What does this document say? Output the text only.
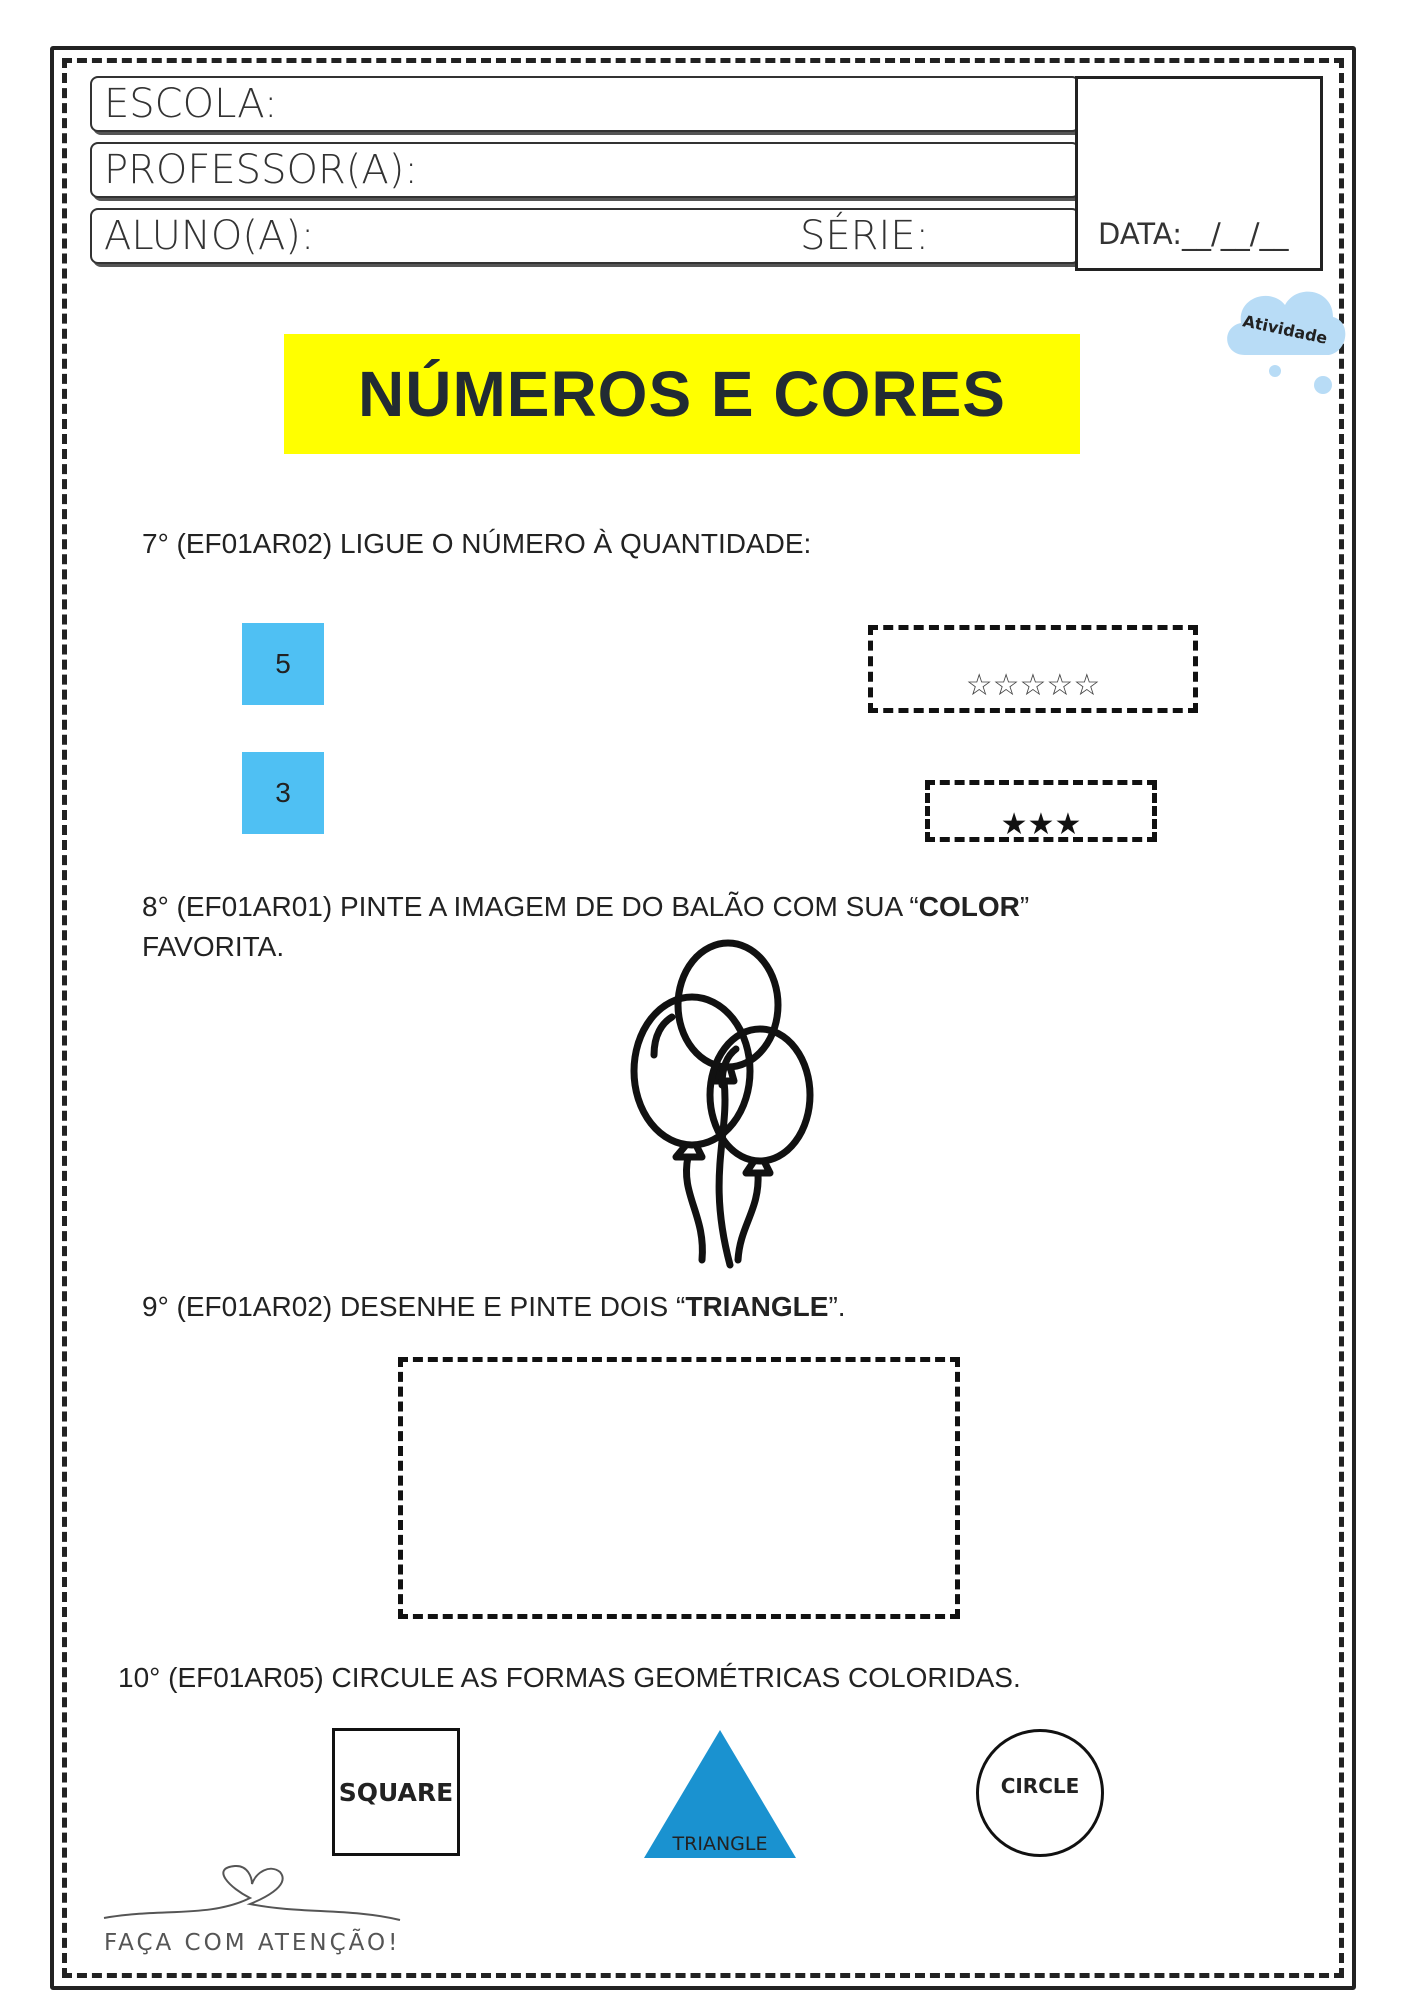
ESCOLA:
PROFESSOR(A):
ALUNO(A):	SÉRIE:	DATA:__/__/__
Atividade
NÚMEROS E CORES
7° (EF01AR02) LIGUE O NÚMERO À QUANTIDADE:
5
3
☆☆☆☆☆
★★★
8° (EF01AR01) PINTE A IMAGEM DE DO BALÃO COM SUA “COLOR”
FAVORITA.
9° (EF01AR02) DESENHE E PINTE DOIS “TRIANGLE”.
10° (EF01AR05) CIRCULE AS FORMAS GEOMÉTRICAS COLORIDAS.
SQUARE
TRIANGLE
CIRCLE
FAÇA COM ATENÇÃO!
